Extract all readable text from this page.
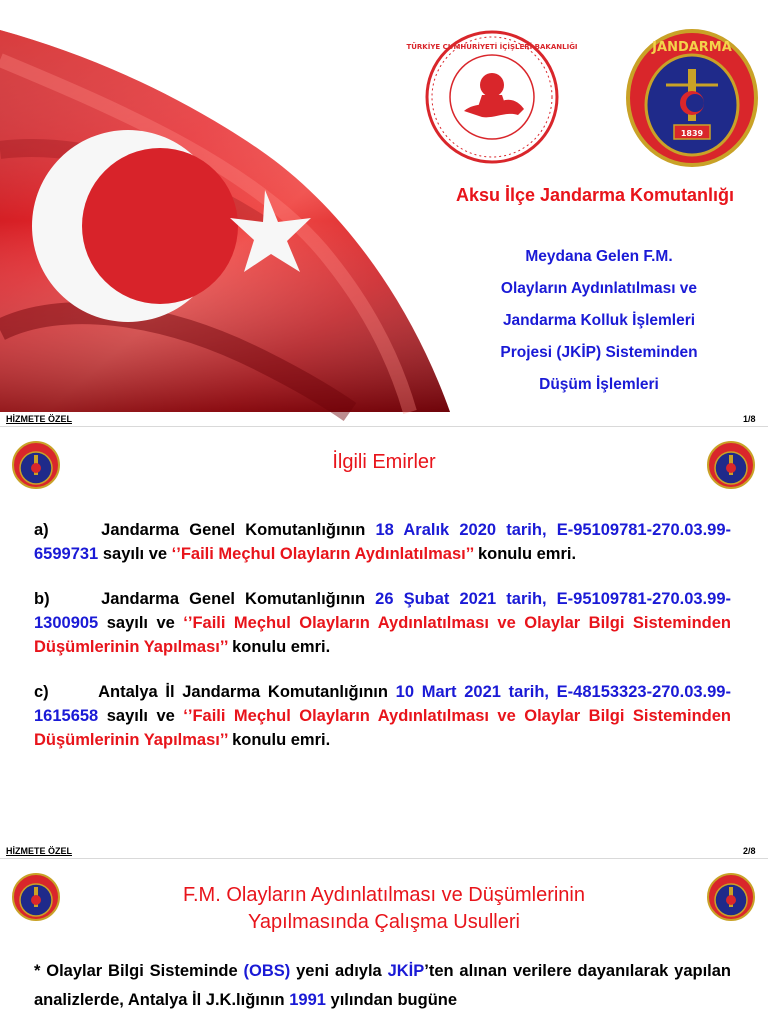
TÜRKİYE CUMHURİYETİ İÇİŞLERİ BAKANLIĞI	JANDARMA
1839
Aksu İlçe Jandarma Komutanlığı
Meydana Gelen F.M.
Olayların Aydınlatılması ve
Jandarma Kolluk İşlemleri
Projesi (JKİP) Sisteminden
Düşüm İşlemleri
HİZMETE ÖZEL	1/8
İlgili Emirler

a)	Jandarma Genel Komutanlığının 18 Aralık 2020 tarih, E-95109781-270.03.99-6599731 sayılı ve ‘’Faili Meçhul Olayların Aydınlatılması’’ konulu emri.

b)	Jandarma Genel Komutanlığının 26 Şubat 2021 tarih, E-95109781-270.03.99-1300905 sayılı ve ‘’Faili Meçhul Olayların Aydınlatılması ve Olaylar Bilgi Sisteminden Düşümlerinin Yapılması’’ konulu emri.

c)	Antalya İl Jandarma Komutanlığının 10 Mart 2021 tarih, E-48153323-270.03.99-1615658 sayılı ve ‘’Faili Meçhul Olayların Aydınlatılması ve Olaylar Bilgi Sisteminden Düşümlerinin Yapılması’’ konulu emri.

HİZMETE ÖZEL	2/8
F.M. Olayların Aydınlatılması ve Düşümlerinin
Yapılmasında Çalışma Usulleri
* Olaylar Bilgi Sisteminde (OBS) yeni adıyla JKİP’ten alınan verilere dayanılarak yapılan analizlerde, Antalya İl J.K.lığının 1991 yılından bugüne
